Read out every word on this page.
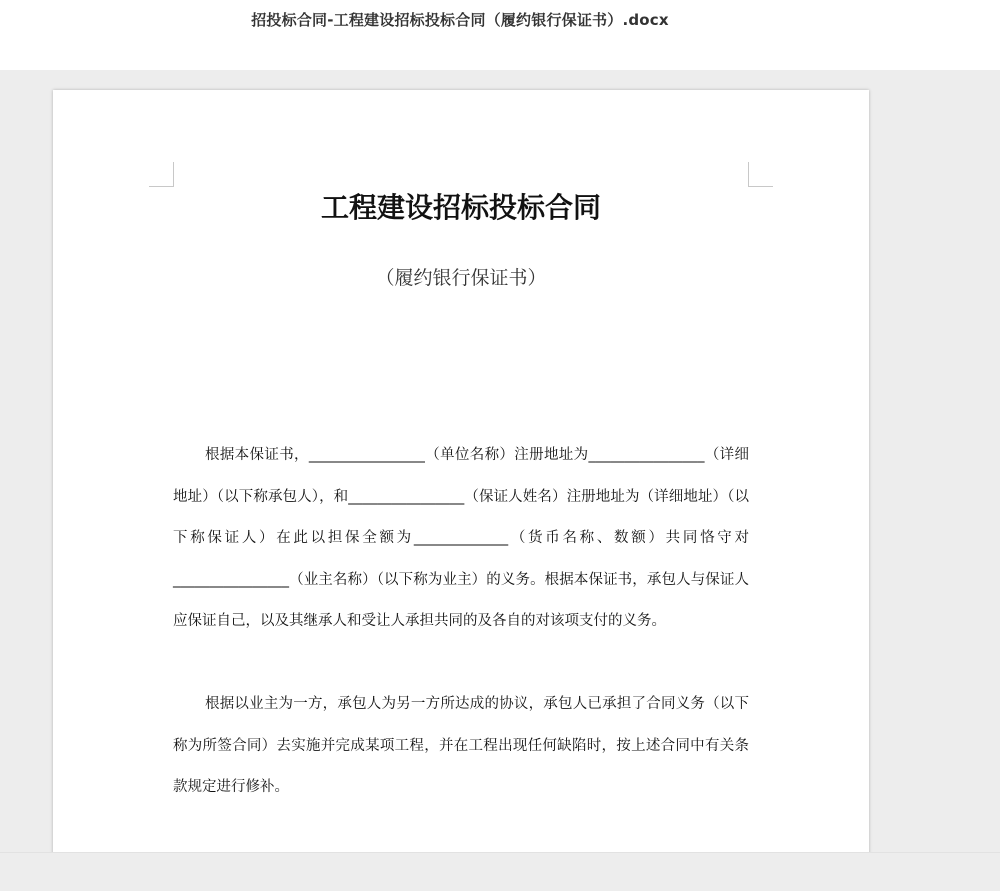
招投标合同-工程建设招标投标合同（履约银行保证书）.docx
工程建设招标投标合同
（履约银行保证书）

根据本保证书，________________（单位名称）注册地址为________________（详细地址）（以下称承包人），和________________（保证人姓名）注册地址为（详细地址）（以下称保证人）在此以担保全额为_____________（货币名称、数额）共同恪守对________________（业主名称）（以下称为业主）的义务。根据本保证书，承包人与保证人应保证自己，以及其继承人和受让人承担共同的及各自的对该项支付的义务。

根据以业主为一方，承包人为另一方所达成的协议，承包人已承担了合同义务（以下称为所签合同）去实施并完成某项工程，并在工程出现任何缺陷时，按上述合同中有关条款规定进行修补。
